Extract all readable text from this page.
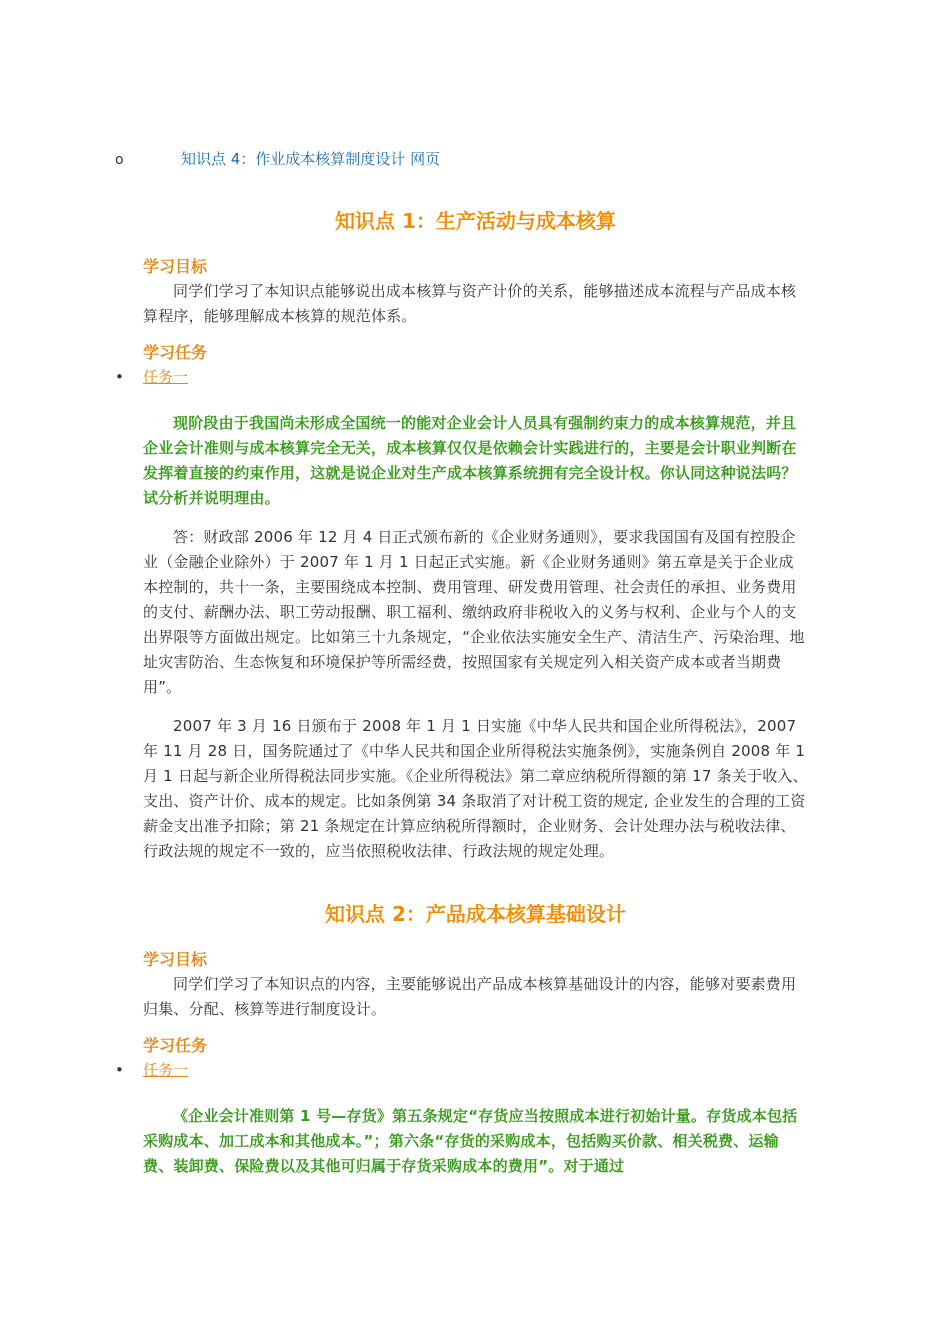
o	知识点 4：作业成本核算制度设计 网页
知识点 1：生产活动与成本核算
学习目标

同学们学习了本知识点能够说出成本核算与资产计价的关系，能够描述成本流程与产品成本核算程序，能够理解成本核算的规范体系。

学习任务
• 任务一

现阶段由于我国尚未形成全国统一的能对企业会计人员具有强制约束力的成本核算规范，并且企业会计准则与成本核算完全无关，成本核算仅仅是依赖会计实践进行的，主要是会计职业判断在发挥着直接的约束作用，这就是说企业对生产成本核算系统拥有完全设计权。你认同这种说法吗？试分析并说明理由。

答：财政部 2006 年 12 月 4 日正式颁布新的《企业财务通则》，要求我国国有及国有控股企业（金融企业除外）于 2007 年 1 月 1 日起正式实施。新《企业财务通则》第五章是关于企业成本控制的，共十一条，主要围绕成本控制、费用管理、研发费用管理、社会责任的承担、业务费用的支付、薪酬办法、职工劳动报酬、职工福利、缴纳政府非税收入的义务与权利、企业与个人的支出界限等方面做出规定。比如第三十九条规定，“企业依法实施安全生产、清洁生产、污染治理、地址灾害防治、生态恢复和环境保护等所需经费，按照国家有关规定列入相关资产成本或者当期费用”。

2007 年 3 月 16 日颁布于 2008 年 1 月 1 日实施《中华人民共和国企业所得税法》，2007 年 11 月 28 日，国务院通过了《中华人民共和国企业所得税法实施条例》，实施条例自 2008 年 1 月 1 日起与新企业所得税法同步实施。《企业所得税法》第二章应纳税所得额的第 17 条关于收入、支出、资产计价、成本的规定。比如条例第 34 条取消了对计税工资的规定, 企业发生的合理的工资薪金支出准予扣除；第 21 条规定在计算应纳税所得额时，企业财务、会计处理办法与税收法律、行政法规的规定不一致的，应当依照税收法律、行政法规的规定处理。

知识点 2：产品成本核算基础设计
学习目标

同学们学习了本知识点的内容，主要能够说出产品成本核算基础设计的内容，能够对要素费用归集、分配、核算等进行制度设计。

学习任务
• 任务一

《企业会计准则第 1 号—存货》第五条规定“存货应当按照成本进行初始计量。存货成本包括采购成本、加工成本和其他成本。”；第六条“存货的采购成本，包括购买价款、相关税费、运输费、装卸费、保险费以及其他可归属于存货采购成本的费用”。对于通过
